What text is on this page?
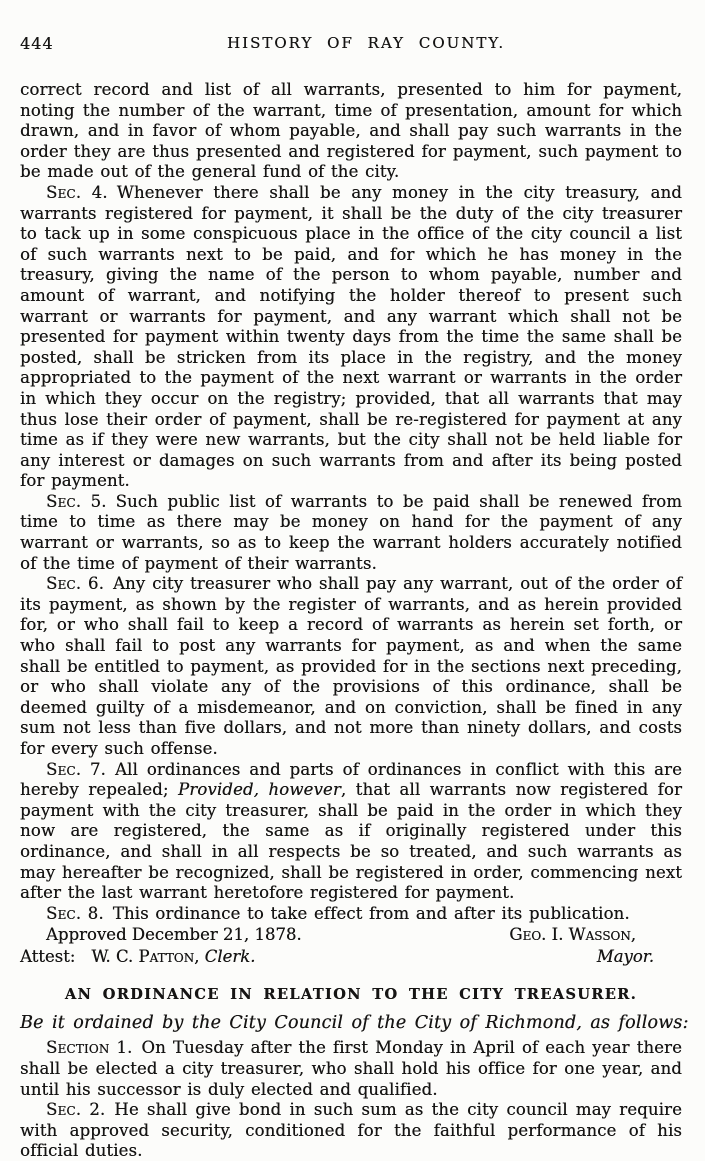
444	HISTORY OF RAY COUNTY.

correct record and list of all warrants, presented to him for payment, noting the number of the warrant, time of presentation, amount for which drawn, and in favor of whom payable, and shall pay such warrants in the order they are thus presented and registered for payment, such payment to be made out of the general fund of the city.

Sec. 4. Whenever there shall be any money in the city treasury, and warrants registered for payment, it shall be the duty of the city treasurer to tack up in some conspicuous place in the office of the city council a list of such warrants next to be paid, and for which he has money in the treasury, giving the name of the person to whom payable, number and amount of warrant, and notifying the holder thereof to present such warrant or warrants for payment, and any warrant which shall not be presented for payment within twenty days from the time the same shall be posted, shall be stricken from its place in the registry, and the money appropriated to the payment of the next warrant or warrants in the order in which they occur on the registry; provided, that all warrants that may thus lose their order of payment, shall be re-registered for payment at any time as if they were new warrants, but the city shall not be held liable for any interest or damages on such warrants from and after its being posted for payment.

Sec. 5. Such public list of warrants to be paid shall be renewed from time to time as there may be money on hand for the payment of any warrant or warrants, so as to keep the warrant holders accurately notified of the time of payment of their warrants.

Sec. 6. Any city treasurer who shall pay any warrant, out of the order of its payment, as shown by the register of warrants, and as herein provided for, or who shall fail to keep a record of warrants as herein set forth, or who shall fail to post any warrants for payment, as and when the same shall be entitled to payment, as provided for in the sections next preceding, or who shall violate any of the provisions of this ordinance, shall be deemed guilty of a misdemeanor, and on conviction, shall be fined in any sum not less than five dollars, and not more than ninety dollars, and costs for every such offense.

Sec. 7. All ordinances and parts of ordinances in conflict with this are hereby repealed; Provided, however, that all warrants now registered for payment with the city treasurer, shall be paid in the order in which they now are registered, the same as if originally registered under this ordinance, and shall in all respects be so treated, and such warrants as may hereafter be recognized, shall be registered in order, commencing next after the last warrant heretofore registered for payment.

Sec. 8. This ordinance to take effect from and after its publication.

Approved December 21, 1878.	Geo. I. Wasson,
Attest: W. C. Patton, Clerk.	Mayor.
AN ORDINANCE IN RELATION TO THE CITY TREASURER.

Be it ordained by the City Council of the City of Richmond, as follows:

Section 1. On Tuesday after the first Monday in April of each year there shall be elected a city treasurer, who shall hold his office for one year, and until his successor is duly elected and qualified.

Sec. 2. He shall give bond in such sum as the city council may require with approved security, conditioned for the faithful performance of his official duties.
